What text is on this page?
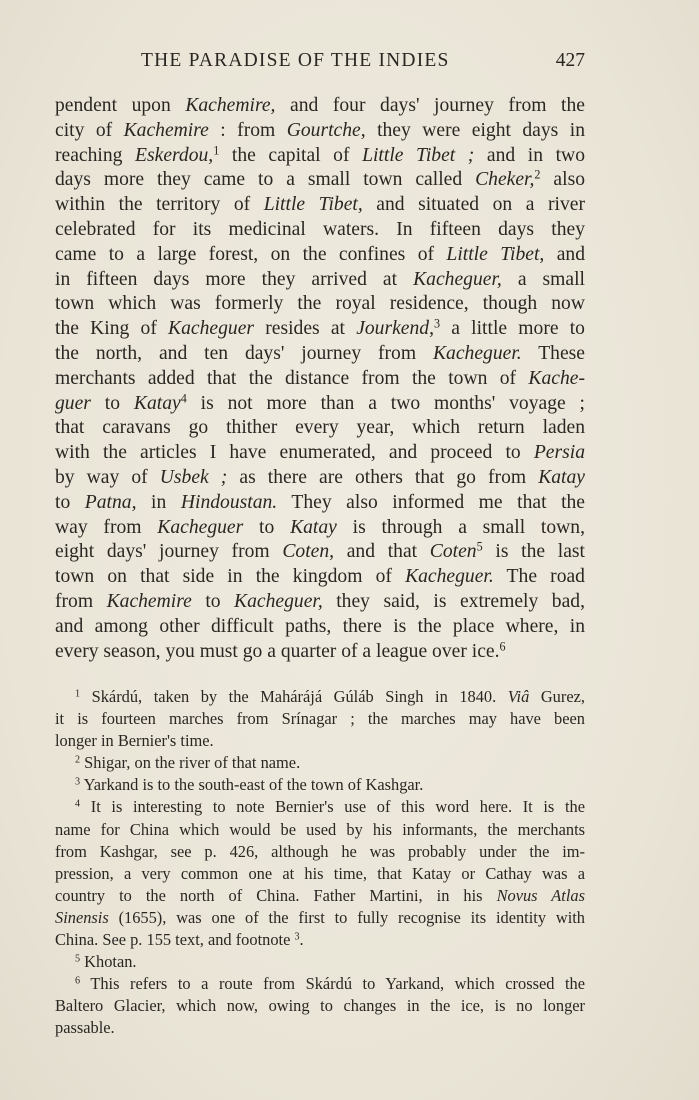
THE PARADISE OF THE INDIES	427
pendent upon Kachemire, and four days' journey from the
city of Kachemire : from Gourtche, they were eight days in
reaching Eskerdou,$^1$ the capital of Little Tibet ; and in two
days more they came to a small town called Cheker,$^2$ also
within the territory of Little Tibet, and situated on a river
celebrated for its medicinal waters. In fifteen days they
came to a large forest, on the confines of Little Tibet, and
in fifteen days more they arrived at Kacheguer, a small
town which was formerly the royal residence, though now
the King of Kacheguer resides at Jourkend,$^3$ a little more to
the north, and ten days' journey from Kacheguer. These
merchants added that the distance from the town of Kache-
guer to Katay$^4$ is not more than a two months' voyage ;
that caravans go thither every year, which return laden
with the articles I have enumerated, and proceed to Persia
by way of Usbek ; as there are others that go from Katay
to Patna, in Hindoustan. They also informed me that the
way from Kacheguer to Katay is through a small town,
eight days' journey from Coten, and that Coten$^5$ is the last
town on that side in the kingdom of Kacheguer. The road
from Kachemire to Kacheguer, they said, is extremely bad,
and among other difficult paths, there is the place where, in
every season, you must go a quarter of a league over ice.$^6$
$^1$ Skárdú, taken by the Mahárájá Gúláb Singh in 1840. Viâ Gurez,
it is fourteen marches from Srínagar ; the marches may have been
longer in Bernier's time.
$^2$ Shigar, on the river of that name.
$^3$ Yarkand is to the south-east of the town of Kashgar.
$^4$ It is interesting to note Bernier's use of this word here. It is the
name for China which would be used by his informants, the merchants
from Kashgar, see p. 426, although he was probably under the im-
pression, a very common one at his time, that Katay or Cathay was a
country to the north of China. Father Martini, in his Novus Atlas
Sinensis (1655), was one of the first to fully recognise its identity with
China. See p. 155 text, and footnote $^3$.
$^5$ Khotan.
$^6$ This refers to a route from Skárdú to Yarkand, which crossed the
Baltero Glacier, which now, owing to changes in the ice, is no longer
passable.
